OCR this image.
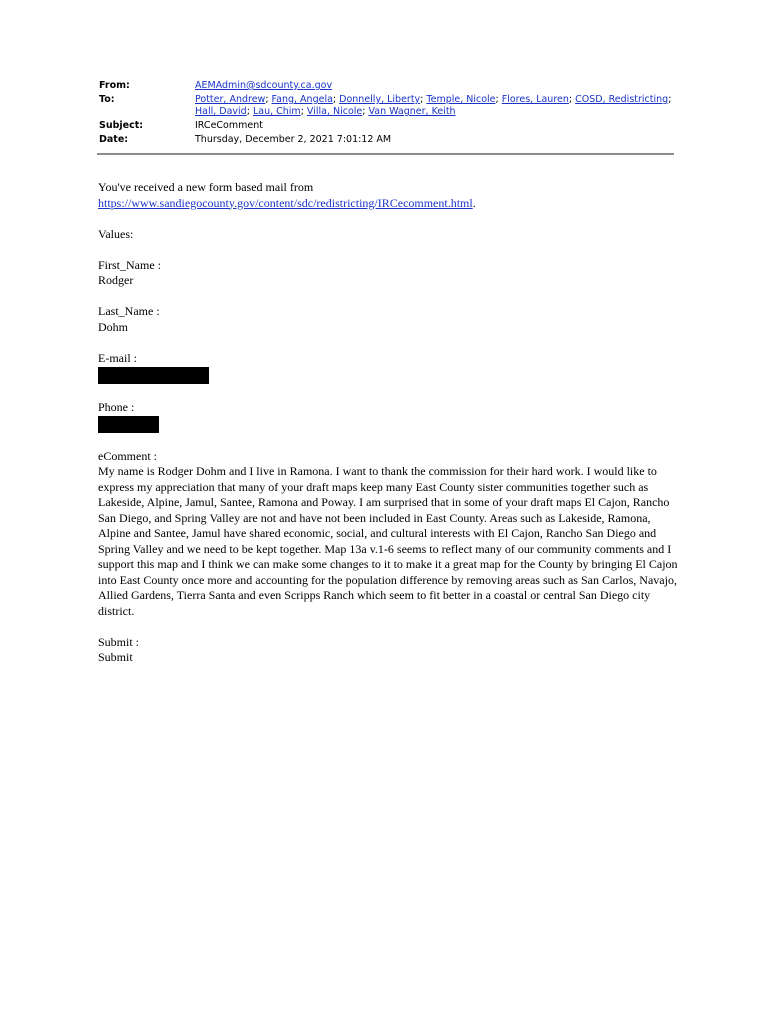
From:	AEMAdmin@sdcounty.ca.gov
To:	Potter, Andrew; Fang, Angela; Donnelly, Liberty; Temple, Nicole; Flores, Lauren; COSD, Redistricting; Hall, David; Lau, Chim; Villa, Nicole; Van Wagner, Keith
Subject:	IRCeComment
Date:	Thursday, December 2, 2021 7:01:12 AM

You've received a new form based mail from
https://www.sandiegocounty.gov/content/sdc/redistricting/IRCecomment.html.

Values:

First_Name :
Rodger

Last_Name :
Dohm

E-mail :

Phone :

eComment :
My name is Rodger Dohm and I live in Ramona. I want to thank the commission for their hard work. I would like to express my appreciation that many of your draft maps keep many East County sister communities together such as Lakeside, Alpine, Jamul, Santee, Ramona and Poway. I am surprised that in some of your draft maps El Cajon, Rancho San Diego, and Spring Valley are not and have not been included in East County. Areas such as Lakeside, Ramona, Alpine and Santee, Jamul have shared economic, social, and cultural interests with El Cajon, Rancho San Diego and Spring Valley and we need to be kept together. Map 13a v.1-6 seems to reflect many of our community comments and I support this map and I think we can make some changes to it to make it a great map for the County by bringing El Cajon into East County once more and accounting for the population difference by removing areas such as San Carlos, Navajo, Allied Gardens, Tierra Santa and even Scripps Ranch which seem to fit better in a coastal or central San Diego city district.

Submit :
Submit
